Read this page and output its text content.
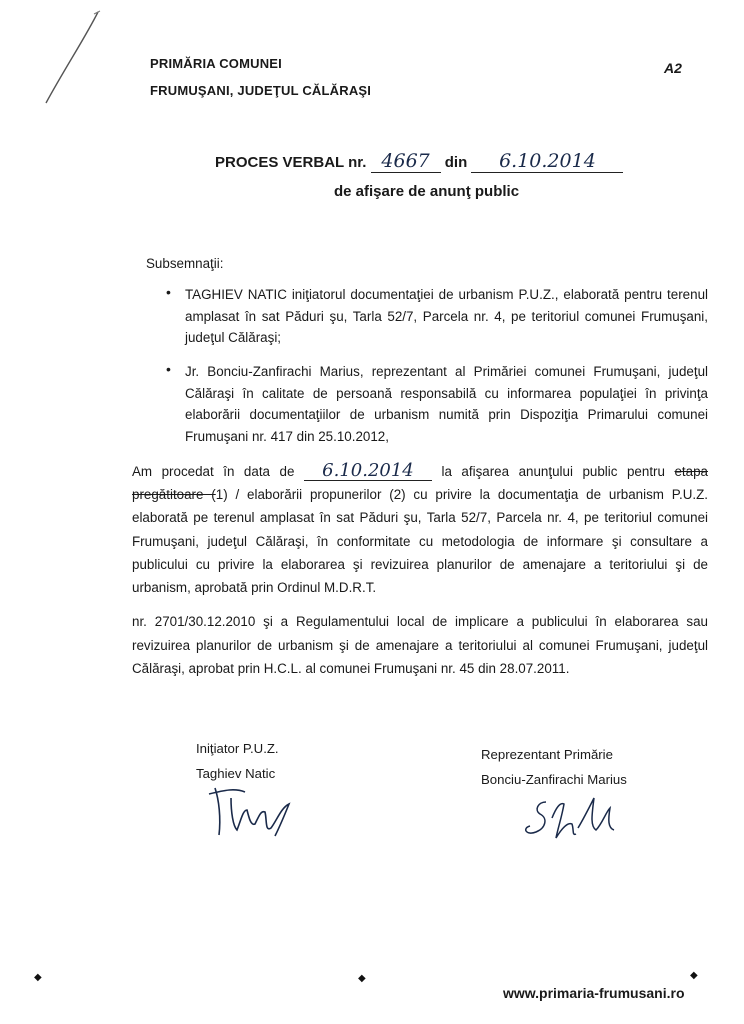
PRIMĂRIA COMUNEI
FRUMUŞANI, JUDEŢUL CĂLĂRAŞI
A2
PROCES VERBAL nr. 4667 din 6.10.2014
de afişare de anunţ public
Subsemnaţii:
• TAGHIEV NATIC iniţiatorul documentaţiei de urbanism P.U.Z., elaborată pentru terenul amplasat în sat Păduri şu, Tarla 52/7, Parcela nr. 4, pe teritoriul comunei Frumuşani, judeţul Călăraşi;
• Jr. Bonciu-Zanfirachi Marius, reprezentant al Primăriei comunei Frumuşani, judeţul Călăraşi în calitate de persoană responsabilă cu informarea populaţiei în privinţa elaborării documentaţiilor de urbanism numită prin Dispoziţia Primarului comunei Frumuşani nr. 417 din 25.10.2012,
Am procedat în data de 6.10.2014 la afişarea anunţului public pentru etapa pregătitoare (1) / elaborării propunerilor (2) cu privire la documentaţia de urbanism P.U.Z. elaborată pe terenul amplasat în sat Păduri şu, Tarla 52/7, Parcela nr. 4, pe teritoriul comunei Frumuşani, judeţul Călăraşi, în conformitate cu metodologia de informare şi consultare a publicului cu privire la elaborarea şi revizuirea planurilor de amenajare a teritoriului şi de urbanism, aprobată prin Ordinul M.D.R.T.
nr. 2701/30.12.2010 şi a Regulamentului local de implicare a publicului în elaborarea sau revizuirea planurilor de urbanism şi de amenajare a teritoriului al comunei Frumuşani, judeţul Călăraşi, aprobat prin H.C.L. al comunei Frumuşani nr. 45 din 28.07.2011.
Iniţiator P.U.Z.
Taghiev Natic
Reprezentant Primărie
Bonciu-Zanfirachi Marius
◆	◆	◆
www.primaria-frumusani.ro
